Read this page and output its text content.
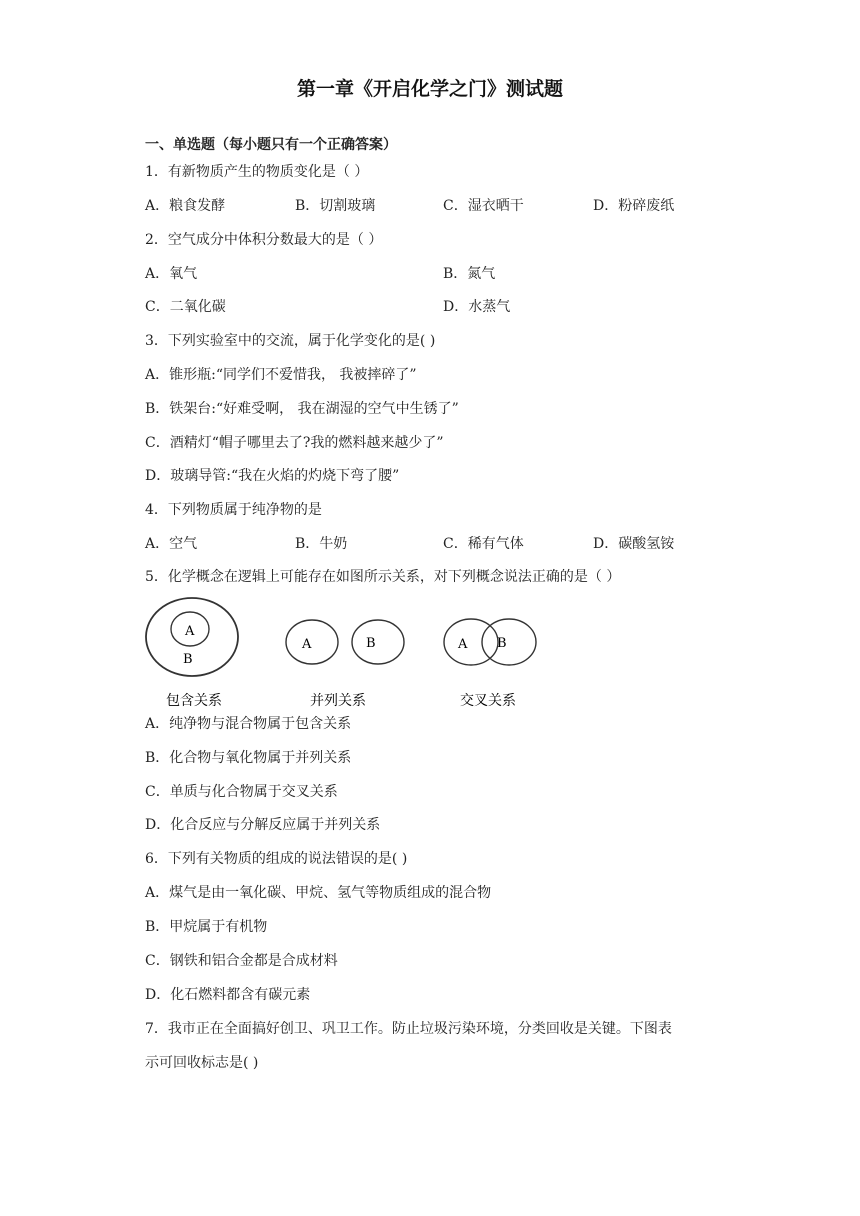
第一章《开启化学之门》测试题
一、单选题（每小题只有一个正确答案）
1．有新物质产生的物质变化是（ ）
A．粮食发酵	B．切割玻璃	C．湿衣晒干	D．粉碎废纸
2．空气成分中体积分数最大的是（ ）
A．氧气	B．氮气
C．二氧化碳	D．水蒸气
3．下列实验室中的交流，属于化学变化的是( )
A．锥形瓶:“同学们不爱惜我， 我被摔碎了”
B．铁架台:“好难受啊， 我在湖湿的空气中生锈了”
C．酒精灯“帽子哪里去了?我的燃料越来越少了”
D．玻璃导管:“我在火焰的灼烧下弯了腰”
4．下列物质属于纯净物的是
A．空气	B．牛奶	C．稀有气体	D．碳酸氢铵
5．化学概念在逻辑上可能存在如图所示关系，对下列概念说法正确的是（ ）
A
B
A	B	A B
包含关系	并列关系	交叉关系
A．纯净物与混合物属于包含关系
B．化合物与氧化物属于并列关系
C．单质与化合物属于交叉关系
D．化合反应与分解反应属于并列关系
6．下列有关物质的组成的说法错误的是( )
A．煤气是由一氧化碳、甲烷、氢气等物质组成的混合物
B．甲烷属于有机物
C．钢铁和铝合金都是合成材料
D．化石燃料都含有碳元素
7．我市正在全面搞好创卫、巩卫工作。防止垃圾污染环境，分类回收是关键。下图表
示可回收标志是( )
